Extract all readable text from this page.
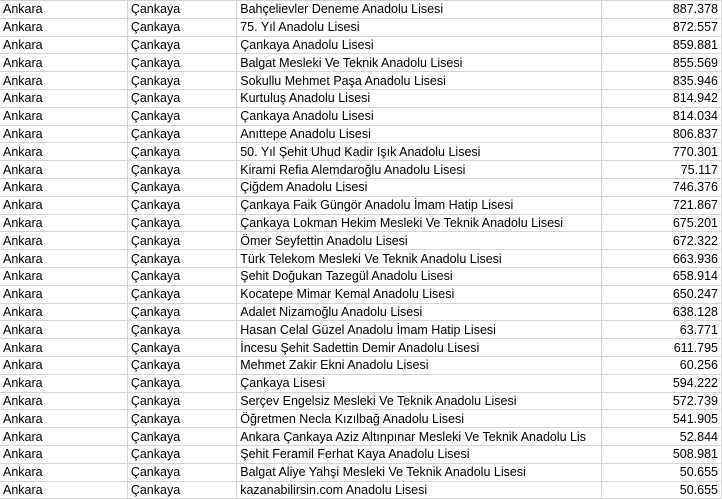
Ankara	Çankaya	Bahçelievler Deneme Anadolu Lisesi	887.378
Ankara	Çankaya	75. Yıl Anadolu Lisesi	872.557
Ankara	Çankaya	Çankaya Anadolu Lisesi	859.881
Ankara	Çankaya	Balgat Mesleki Ve Teknik Anadolu Lisesi	855.569
Ankara	Çankaya	Sokullu Mehmet Paşa Anadolu Lisesi	835.946
Ankara	Çankaya	Kurtuluş Anadolu Lisesi	814.942
Ankara	Çankaya	Çankaya Anadolu Lisesi	814.034
Ankara	Çankaya	Anıttepe Anadolu Lisesi	806.837
Ankara	Çankaya	50. Yıl Şehit Uhud Kadir Işık Anadolu Lisesi	770.301
Ankara	Çankaya	Kirami Refia Alemdaroğlu Anadolu Lisesi	75.117
Ankara	Çankaya	Çiğdem Anadolu Lisesi	746.376
Ankara	Çankaya	Çankaya Faik Güngör Anadolu İmam Hatip Lisesi	721.867
Ankara	Çankaya	Çankaya Lokman Hekim Mesleki Ve Teknik Anadolu Lisesi	675.201
Ankara	Çankaya	Ömer Seyfettin Anadolu Lisesi	672.322
Ankara	Çankaya	Türk Telekom Mesleki Ve Teknik Anadolu Lisesi	663.936
Ankara	Çankaya	Şehit Doğukan Tazegül Anadolu Lisesi	658.914
Ankara	Çankaya	Kocatepe Mimar Kemal Anadolu Lisesi	650.247
Ankara	Çankaya	Adalet Nizamoğlu Anadolu Lisesi	638.128
Ankara	Çankaya	Hasan Celal Güzel Anadolu İmam Hatip Lisesi	63.771
Ankara	Çankaya	İncesu Şehit Sadettin Demir Anadolu Lisesi	611.795
Ankara	Çankaya	Mehmet Zakir Ekni Anadolu Lisesi	60.256
Ankara	Çankaya	Çankaya Lisesi	594.222
Ankara	Çankaya	Serçev Engelsiz Mesleki Ve Teknik Anadolu Lisesi	572.739
Ankara	Çankaya	Öğretmen Necla Kızılbağ Anadolu Lisesi	541.905
Ankara	Çankaya	Ankara Çankaya Aziz Altınpınar Mesleki Ve Teknik Anadolu Lis	52.844
Ankara	Çankaya	Şehit Feramil Ferhat Kaya Anadolu Lisesi	508.981
Ankara	Çankaya	Balgat Aliye Yahşi Mesleki Ve Teknik Anadolu Lisesi	50.655
Ankara	Çankaya	kazanabilirsin.com Anadolu Lisesi	50.655
